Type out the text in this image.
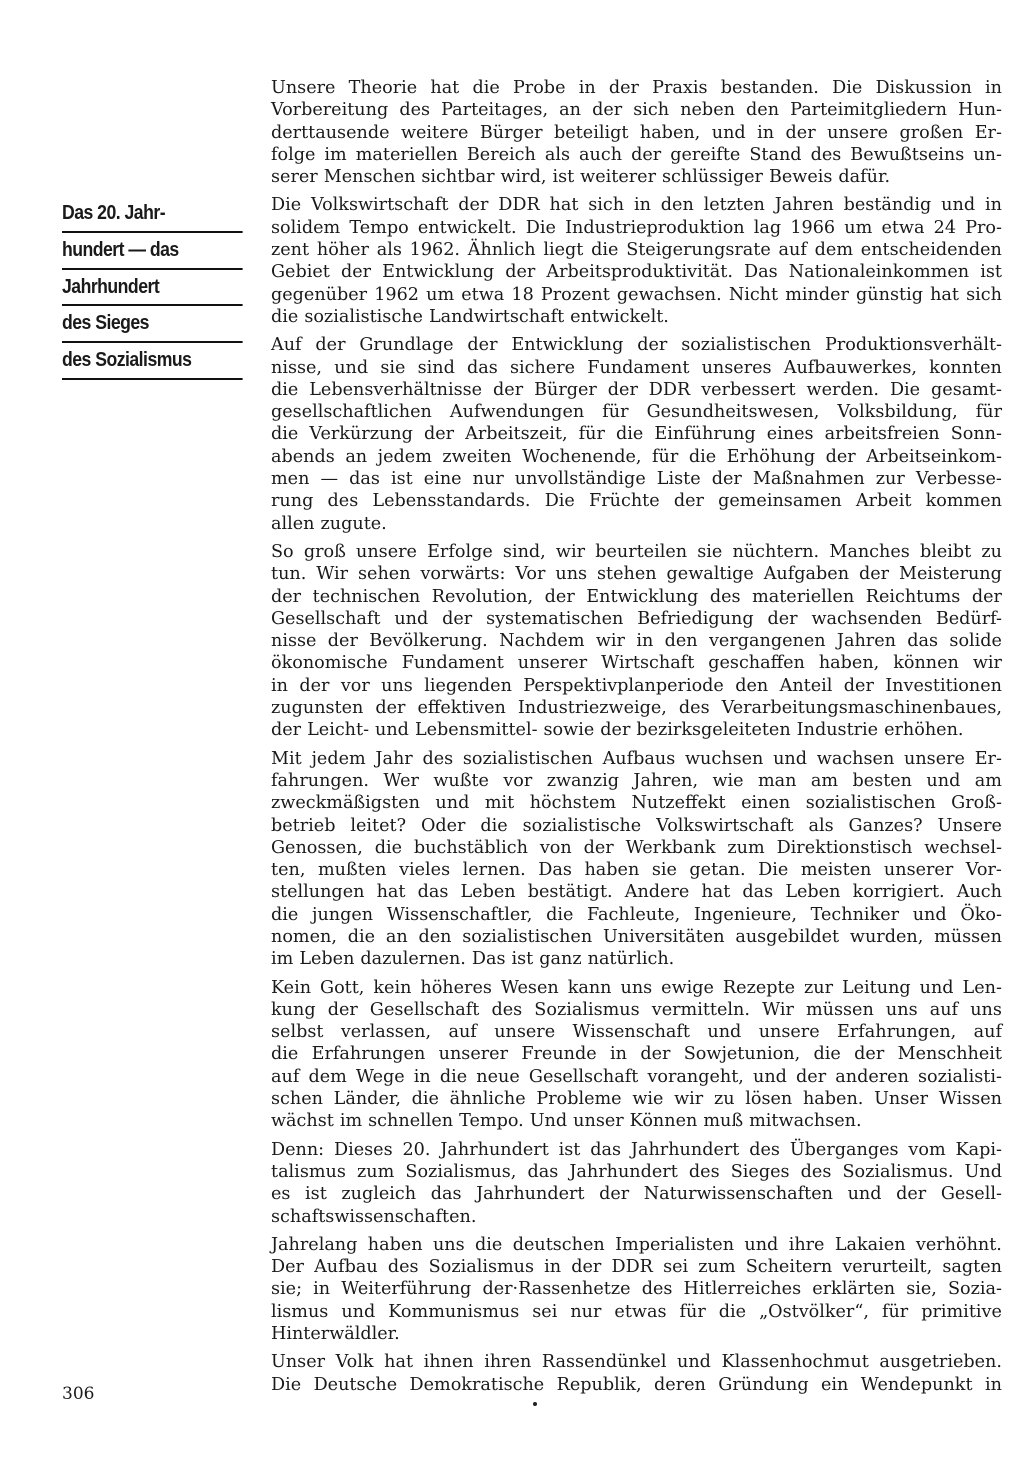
Das 20. Jahr-
hundert — das
Jahrhundert
des Sieges
des Sozialismus
Unsere Theorie hat die Probe in der Praxis bestanden. Die Diskussion in
Vorbereitung des Parteitages, an der sich neben den Parteimitgliedern Hun-
derttausende weitere Bürger beteiligt haben, und in der unsere großen Er-
folge im materiellen Bereich als auch der gereifte Stand des Bewußtseins un-
serer Menschen sichtbar wird, ist weiterer schlüssiger Beweis dafür.
Die Volkswirtschaft der DDR hat sich in den letzten Jahren beständig und in
solidem Tempo entwickelt. Die Industrieproduktion lag 1966 um etwa 24 Pro-
zent höher als 1962. Ähnlich liegt die Steigerungsrate auf dem entscheidenden
Gebiet der Entwicklung der Arbeitsproduktivität. Das Nationaleinkommen ist
gegenüber 1962 um etwa 18 Prozent gewachsen. Nicht minder günstig hat sich
die sozialistische Landwirtschaft entwickelt.
Auf der Grundlage der Entwicklung der sozialistischen Produktionsverhält-
nisse, und sie sind das sichere Fundament unseres Aufbauwerkes, konnten
die Lebensverhältnisse der Bürger der DDR verbessert werden. Die gesamt-
gesellschaftlichen Aufwendungen für Gesundheitswesen, Volksbildung, für
die Verkürzung der Arbeitszeit, für die Einführung eines arbeitsfreien Sonn-
abends an jedem zweiten Wochenende, für die Erhöhung der Arbeitseinkom-
men — das ist eine nur unvollständige Liste der Maßnahmen zur Verbesse-
rung des Lebensstandards. Die Früchte der gemeinsamen Arbeit kommen
allen zugute.
So groß unsere Erfolge sind, wir beurteilen sie nüchtern. Manches bleibt zu
tun. Wir sehen vorwärts: Vor uns stehen gewaltige Aufgaben der Meisterung
der technischen Revolution, der Entwicklung des materiellen Reichtums der
Gesellschaft und der systematischen Befriedigung der wachsenden Bedürf-
nisse der Bevölkerung. Nachdem wir in den vergangenen Jahren das solide
ökonomische Fundament unserer Wirtschaft geschaffen haben, können wir
in der vor uns liegenden Perspektivplanperiode den Anteil der Investitionen
zugunsten der effektiven Industriezweige, des Verarbeitungsmaschinenbaues,
der Leicht- und Lebensmittel- sowie der bezirksgeleiteten Industrie erhöhen.
Mit jedem Jahr des sozialistischen Aufbaus wuchsen und wachsen unsere Er-
fahrungen. Wer wußte vor zwanzig Jahren, wie man am besten und am
zweckmäßigsten und mit höchstem Nutzeffekt einen sozialistischen Groß-
betrieb leitet? Oder die sozialistische Volkswirtschaft als Ganzes? Unsere
Genossen, die buchstäblich von der Werkbank zum Direktionstisch wechsel-
ten, mußten vieles lernen. Das haben sie getan. Die meisten unserer Vor-
stellungen hat das Leben bestätigt. Andere hat das Leben korrigiert. Auch
die jungen Wissenschaftler, die Fachleute, Ingenieure, Techniker und Öko-
nomen, die an den sozialistischen Universitäten ausgebildet wurden, müssen
im Leben dazulernen. Das ist ganz natürlich.
Kein Gott, kein höheres Wesen kann uns ewige Rezepte zur Leitung und Len-
kung der Gesellschaft des Sozialismus vermitteln. Wir müssen uns auf uns
selbst verlassen, auf unsere Wissenschaft und unsere Erfahrungen, auf
die Erfahrungen unserer Freunde in der Sowjetunion, die der Menschheit
auf dem Wege in die neue Gesellschaft vorangeht, und der anderen sozialisti-
schen Länder, die ähnliche Probleme wie wir zu lösen haben. Unser Wissen
wächst im schnellen Tempo. Und unser Können muß mitwachsen.
Denn: Dieses 20. Jahrhundert ist das Jahrhundert des Überganges vom Kapi-
talismus zum Sozialismus, das Jahrhundert des Sieges des Sozialismus. Und
es ist zugleich das Jahrhundert der Naturwissenschaften und der Gesell-
schaftswissenschaften.
Jahrelang haben uns die deutschen Imperialisten und ihre Lakaien verhöhnt.
Der Aufbau des Sozialismus in der DDR sei zum Scheitern verurteilt, sagten
sie; in Weiterführung der·Rassenhetze des Hitlerreiches erklärten sie, Sozia-
lismus und Kommunismus sei nur etwas für die „Ostvölker“, für primitive
Hinterwäldler.
Unser Volk hat ihnen ihren Rassendünkel und Klassenhochmut ausgetrieben.
Die Deutsche Demokratische Republik, deren Gründung ein Wendepunkt in
306
